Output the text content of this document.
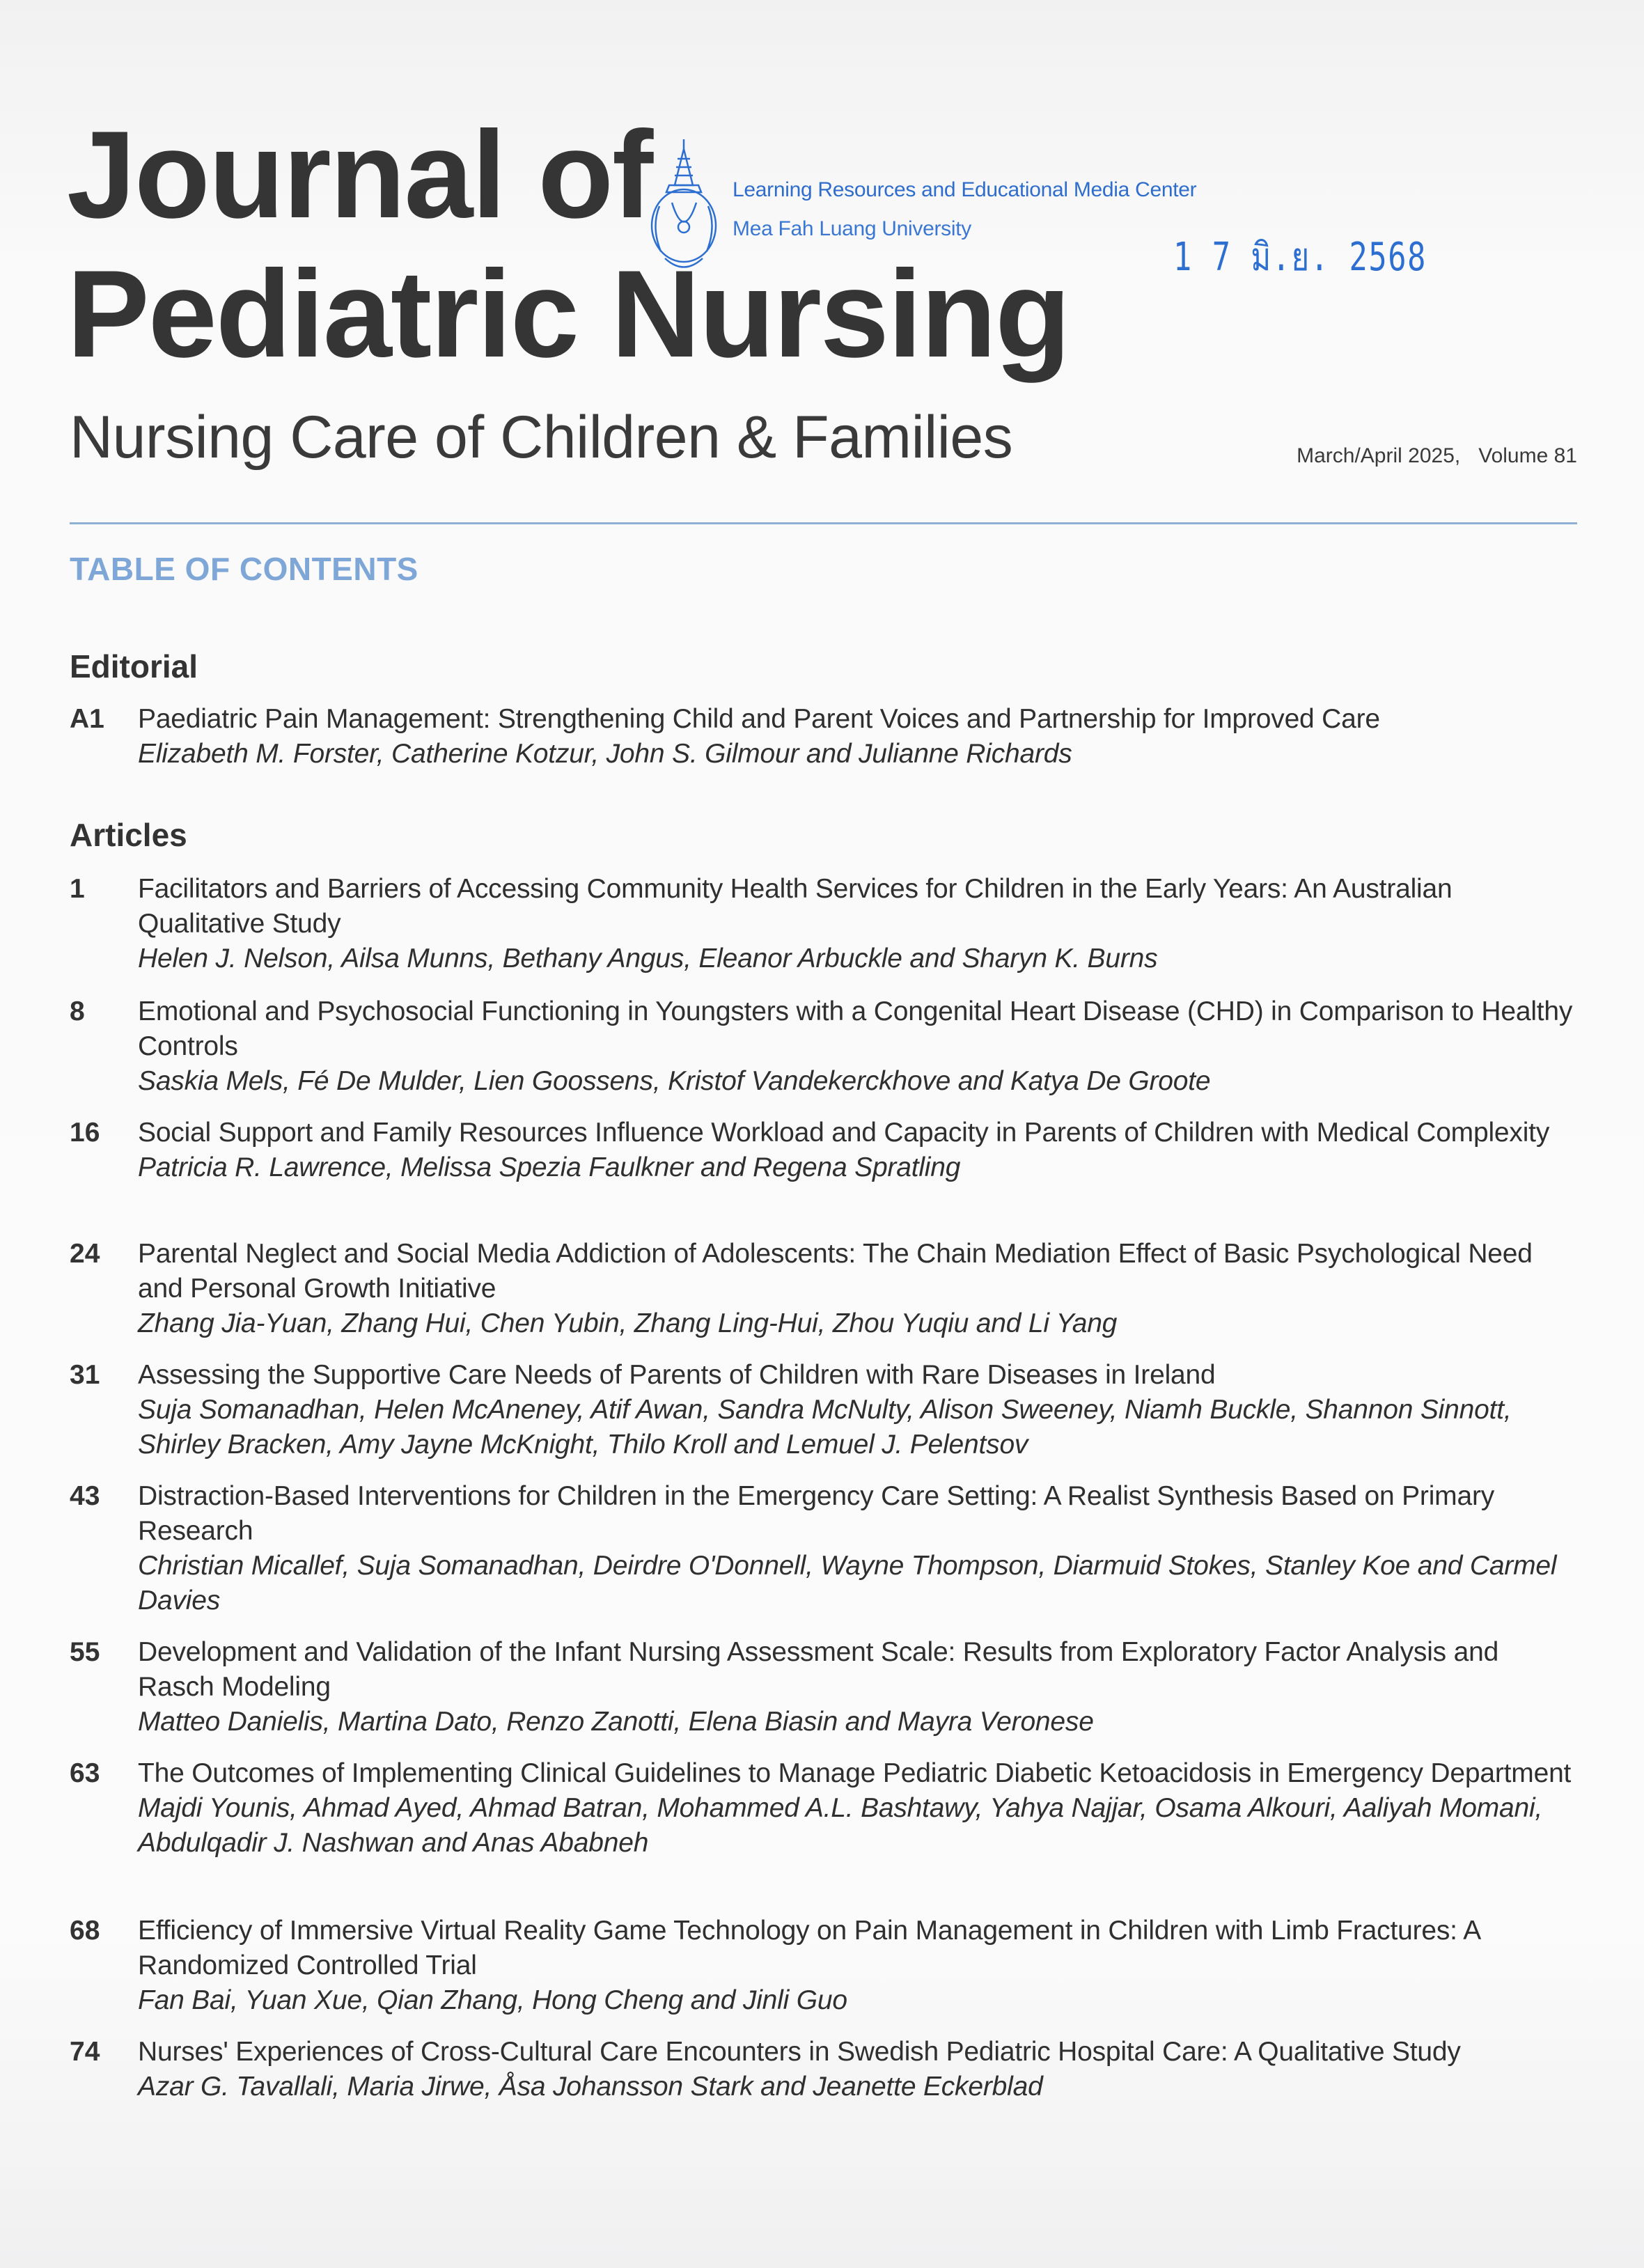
Journal of
Pediatric Nursing
Nursing Care of Children & Families	March/April 2025, Volume 81
Learning Resources and Educational Media Center
Mea Fah Luang University
1 7 มิ.ย. 2568
TABLE OF CONTENTS
Editorial
A1 Paediatric Pain Management: Strengthening Child and Parent Voices and Partnership for Improved Care
Elizabeth M. Forster, Catherine Kotzur, John S. Gilmour and Julianne Richards
Articles
1 Facilitators and Barriers of Accessing Community Health Services for Children in the Early Years: An Australian Qualitative Study
Helen J. Nelson, Ailsa Munns, Bethany Angus, Eleanor Arbuckle and Sharyn K. Burns
8 Emotional and Psychosocial Functioning in Youngsters with a Congenital Heart Disease (CHD) in Comparison to Healthy Controls
Saskia Mels, Fé De Mulder, Lien Goossens, Kristof Vandekerckhove and Katya De Groote
16 Social Support and Family Resources Influence Workload and Capacity in Parents of Children with Medical Complexity
Patricia R. Lawrence, Melissa Spezia Faulkner and Regena Spratling
24 Parental Neglect and Social Media Addiction of Adolescents: The Chain Mediation Effect of Basic Psychological Need and Personal Growth Initiative
Zhang Jia-Yuan, Zhang Hui, Chen Yubin, Zhang Ling-Hui, Zhou Yuqiu and Li Yang
31 Assessing the Supportive Care Needs of Parents of Children with Rare Diseases in Ireland
Suja Somanadhan, Helen McAneney, Atif Awan, Sandra McNulty, Alison Sweeney, Niamh Buckle, Shannon Sinnott, Shirley Bracken, Amy Jayne McKnight, Thilo Kroll and Lemuel J. Pelentsov
43 Distraction-Based Interventions for Children in the Emergency Care Setting: A Realist Synthesis Based on Primary Research
Christian Micallef, Suja Somanadhan, Deirdre O'Donnell, Wayne Thompson, Diarmuid Stokes, Stanley Koe and Carmel Davies
55 Development and Validation of the Infant Nursing Assessment Scale: Results from Exploratory Factor Analysis and Rasch Modeling
Matteo Danielis, Martina Dato, Renzo Zanotti, Elena Biasin and Mayra Veronese
63 The Outcomes of Implementing Clinical Guidelines to Manage Pediatric Diabetic Ketoacidosis in Emergency Department
Majdi Younis, Ahmad Ayed, Ahmad Batran, Mohammed A.L. Bashtawy, Yahya Najjar, Osama Alkouri, Aaliyah Momani, Abdulqadir J. Nashwan and Anas Ababneh
68 Efficiency of Immersive Virtual Reality Game Technology on Pain Management in Children with Limb Fractures: A Randomized Controlled Trial
Fan Bai, Yuan Xue, Qian Zhang, Hong Cheng and Jinli Guo
74 Nurses' Experiences of Cross-Cultural Care Encounters in Swedish Pediatric Hospital Care: A Qualitative Study
Azar G. Tavallali, Maria Jirwe, Åsa Johansson Stark and Jeanette Eckerblad
